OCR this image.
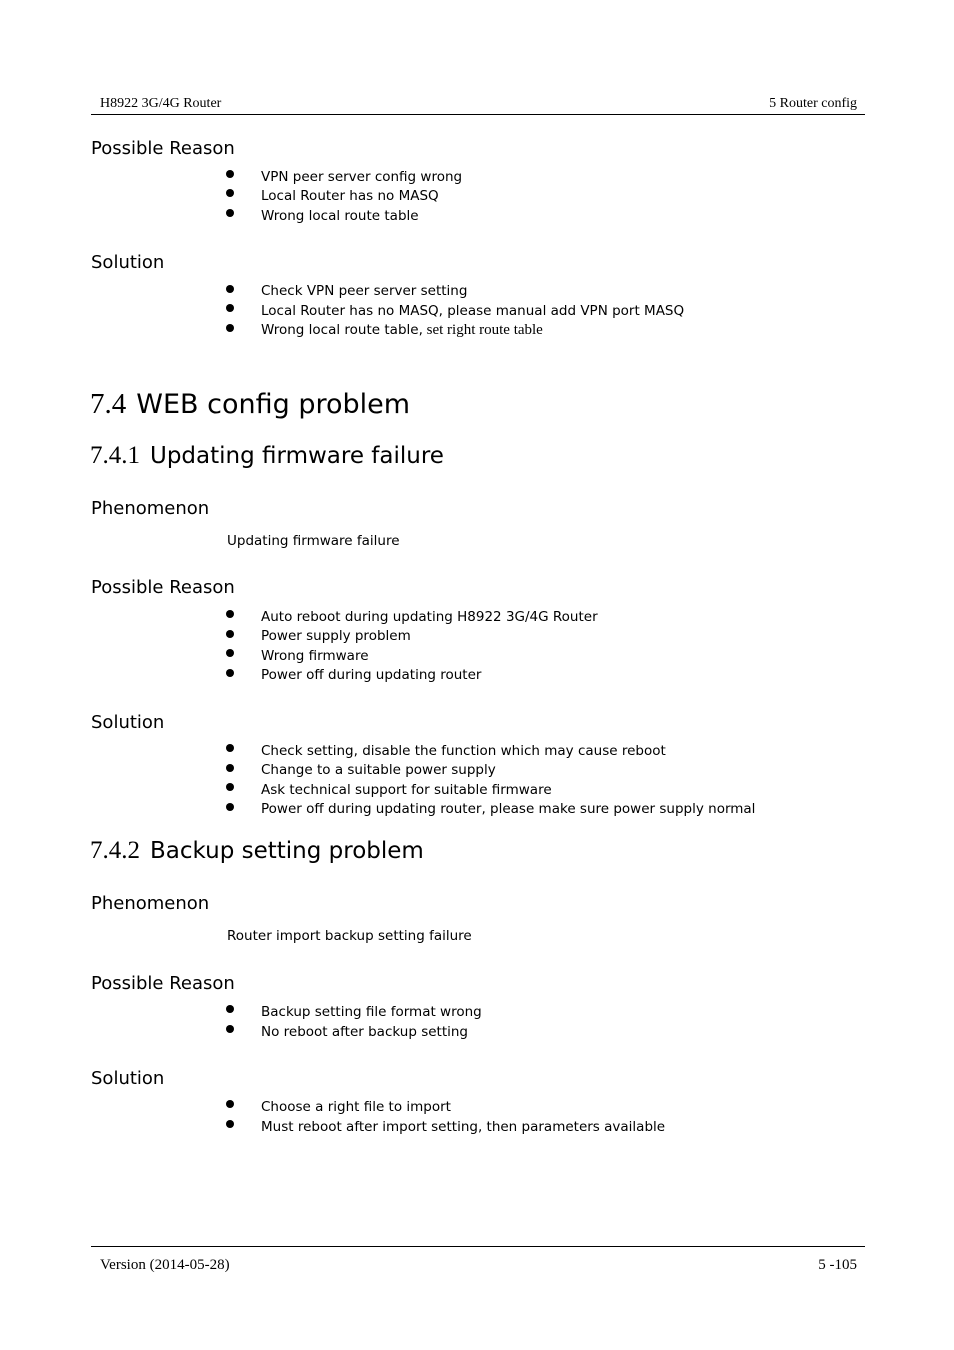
H8922 3G/4G Router	5 Router config
Possible Reason
VPN peer server config wrong
Local Router has no MASQ
Wrong local route table
Solution
Check VPN peer server setting
Local Router has no MASQ, please manual add VPN port MASQ
Wrong local route table, set right route table
7.4 WEB config problem
7.4.1 Updating firmware failure
Phenomenon
Updating firmware failure
Possible Reason
Auto reboot during updating H8922 3G/4G Router
Power supply problem
Wrong firmware
Power off during updating router
Solution
Check setting, disable the function which may cause reboot
Change to a suitable power supply
Ask technical support for suitable firmware
Power off during updating router, please make sure power supply normal
7.4.2 Backup setting problem
Phenomenon
Router import backup setting failure
Possible Reason
Backup setting file format wrong
No reboot after backup setting
Solution
Choose a right file to import
Must reboot after import setting, then parameters available
Version (2014-05-28)	5 -105
